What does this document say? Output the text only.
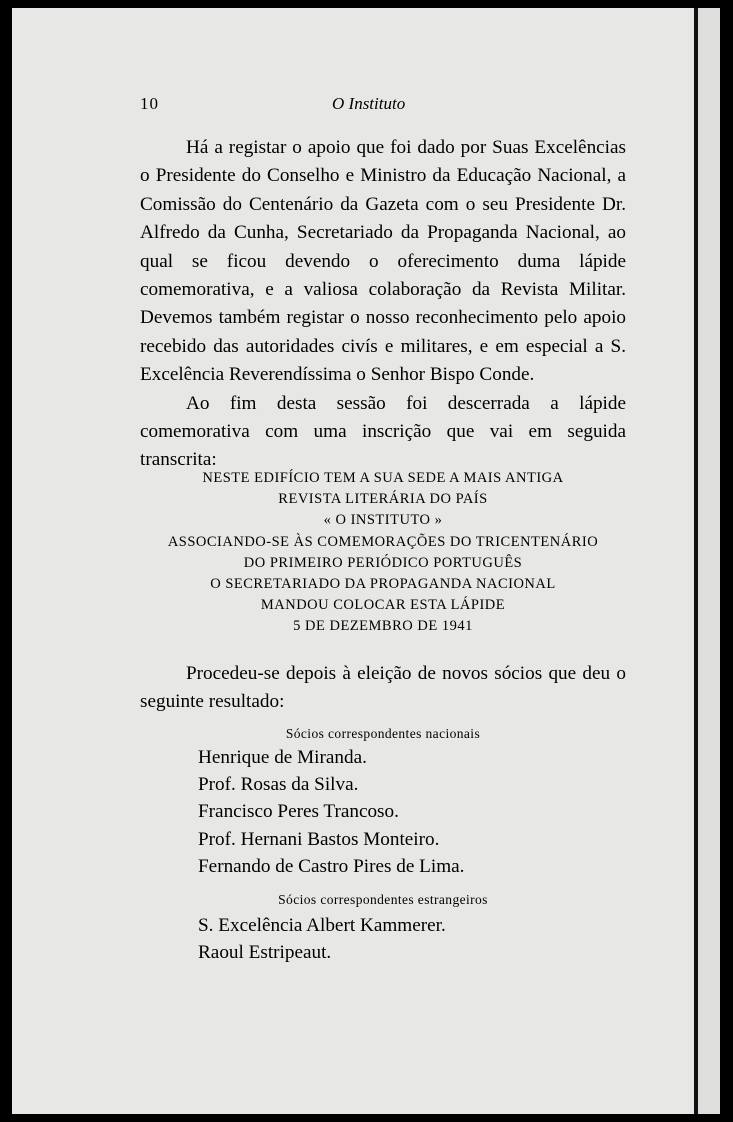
10	O Instituto

Há a registar o apoio que foi dado por Suas Excelências o Presidente do Conselho e Ministro da Educação Nacional, a Comissão do Centenário da Gazeta com o seu Presidente Dr. Alfredo da Cunha, Secretariado da Propaganda Nacional, ao qual se ficou devendo o oferecimento duma lápide comemorativa, e a valiosa colaboração da Revista Militar. Devemos também registar o nosso reconhecimento pelo apoio recebido das autoridades civís e militares, e em especial a S. Excelência Reverendíssima o Senhor Bispo Conde.

Ao fim desta sessão foi descerrada a lápide comemorativa com uma inscrição que vai em seguida transcrita:

NESTE EDIFÍCIO TEM A SUA SEDE A MAIS ANTIGA
REVISTA LITERÁRIA DO PAÍS
« O INSTITUTO »
ASSOCIANDO-SE ÀS COMEMORAÇÕES DO TRICENTENÁRIO
DO PRIMEIRO PERIÓDICO PORTUGUÊS
O SECRETARIADO DA PROPAGANDA NACIONAL
MANDOU COLOCAR ESTA LÁPIDE
5 DE DEZEMBRO DE 1941

Procedeu-se depois à eleição de novos sócios que deu o seguinte resultado:

Sócios correspondentes nacionais
Henrique de Miranda.
Prof. Rosas da Silva.
Francisco Peres Trancoso.
Prof. Hernani Bastos Monteiro.
Fernando de Castro Pires de Lima.
Sócios correspondentes estrangeiros
S. Excelência Albert Kammerer.
Raoul Estripeaut.
